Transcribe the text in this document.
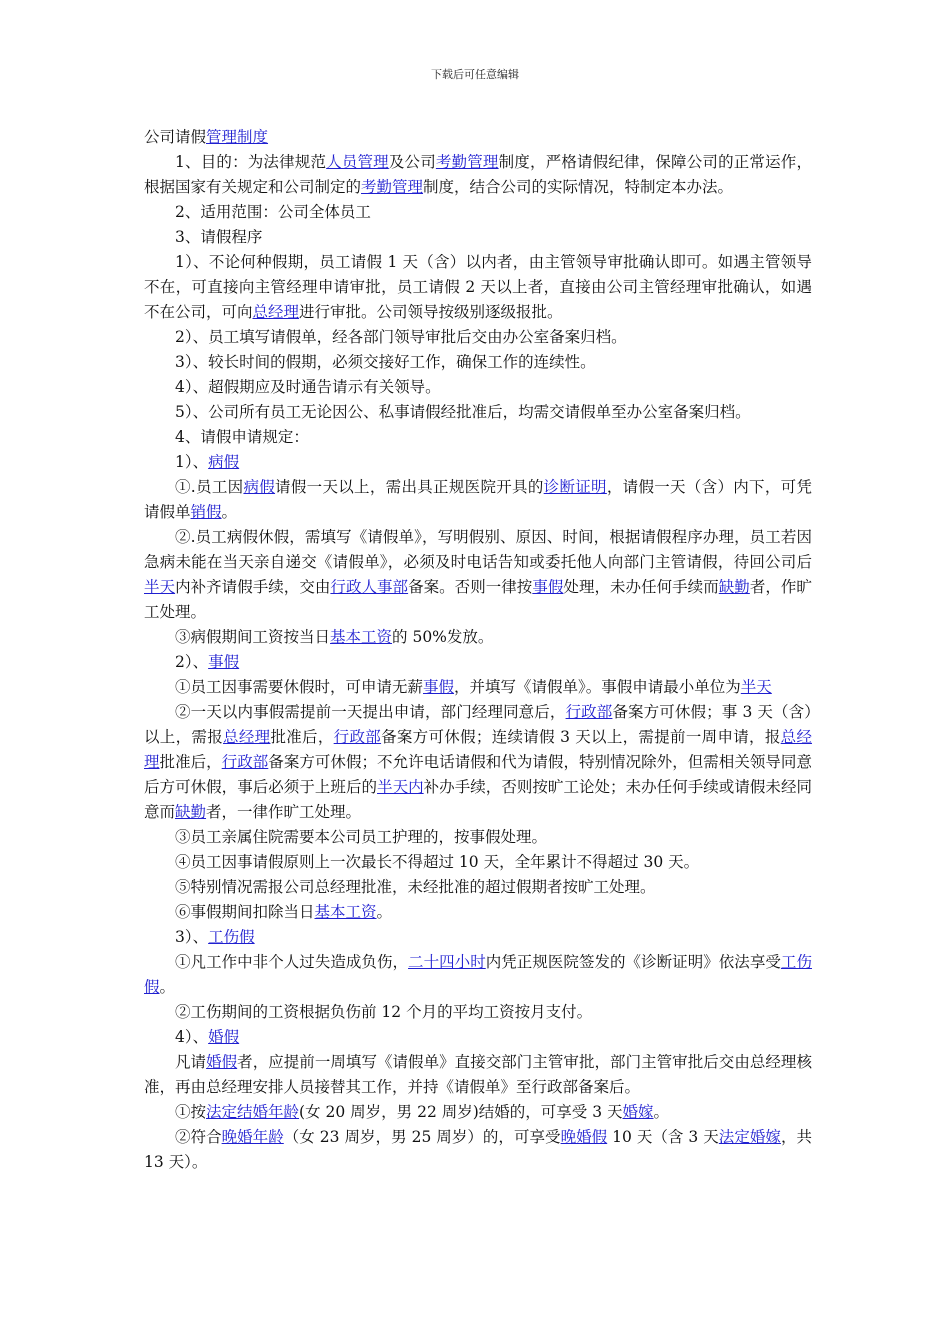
下载后可任意编辑

公司请假管理制度

1、目的：为法律规范人员管理及公司考勤管理制度，严格请假纪律，保障公司的正常运作，根据国家有关规定和公司制定的考勤管理制度，结合公司的实际情况，特制定本办法。

2、适用范围：公司全体员工

3、请假程序

1）、不论何种假期，员工请假 1 天（含）以内者，由主管领导审批确认即可。如遇主管领导不在，可直接向主管经理申请审批，员工请假 2 天以上者，直接由公司主管经理审批确认，如遇不在公司，可向总经理进行审批。公司领导按级别逐级报批。

2）、员工填写请假单，经各部门领导审批后交由办公室备案归档。

3）、较长时间的假期，必须交接好工作，确保工作的连续性。

4）、超假期应及时通告请示有关领导。

5）、公司所有员工无论因公、私事请假经批准后，均需交请假单至办公室备案归档。

4、请假申请规定：

1）、病假

①.员工因病假请假一天以上，需出具正规医院开具的诊断证明，请假一天（含）内下，可凭请假单销假。

②.员工病假休假，需填写《请假单》，写明假别、原因、时间，根据请假程序办理，员工若因急病未能在当天亲自递交《请假单》，必须及时电话告知或委托他人向部门主管请假，待回公司后半天内补齐请假手续，交由行政人事部备案。否则一律按事假处理，未办任何手续而缺勤者，作旷工处理。

③病假期间工资按当日基本工资的 50%发放。

2）、事假

①员工因事需要休假时，可申请无薪事假，并填写《请假单》。事假申请最小单位为半天

②一天以内事假需提前一天提出申请，部门经理同意后，行政部备案方可休假；事 3 天（含）以上，需报总经理批准后，行政部备案方可休假；连续请假 3 天以上，需提前一周申请，报总经理批准后，行政部备案方可休假；不允许电话请假和代为请假，特别情况除外，但需相关领导同意后方可休假，事后必须于上班后的半天内补办手续，否则按旷工论处；未办任何手续或请假未经同意而缺勤者，一律作旷工处理。

③员工亲属住院需要本公司员工护理的，按事假处理。

④员工因事请假原则上一次最长不得超过 10 天，全年累计不得超过 30 天。

⑤特别情况需报公司总经理批准，未经批准的超过假期者按旷工处理。

⑥事假期间扣除当日基本工资。

3）、工伤假

①凡工作中非个人过失造成负伤，二十四小时内凭正规医院签发的《诊断证明》依法享受工伤假。

②工伤期间的工资根据负伤前 12 个月的平均工资按月支付。

4）、婚假

凡请婚假者，应提前一周填写《请假单》直接交部门主管审批，部门主管审批后交由总经理核准，再由总经理安排人员接替其工作，并持《请假单》至行政部备案后。

①按法定结婚年龄(女 20 周岁，男 22 周岁)结婚的，可享受 3 天婚嫁。

②符合晚婚年龄（女 23 周岁，男 25 周岁）的，可享受晚婚假 10 天（含 3 天法定婚嫁，共 13 天）。
